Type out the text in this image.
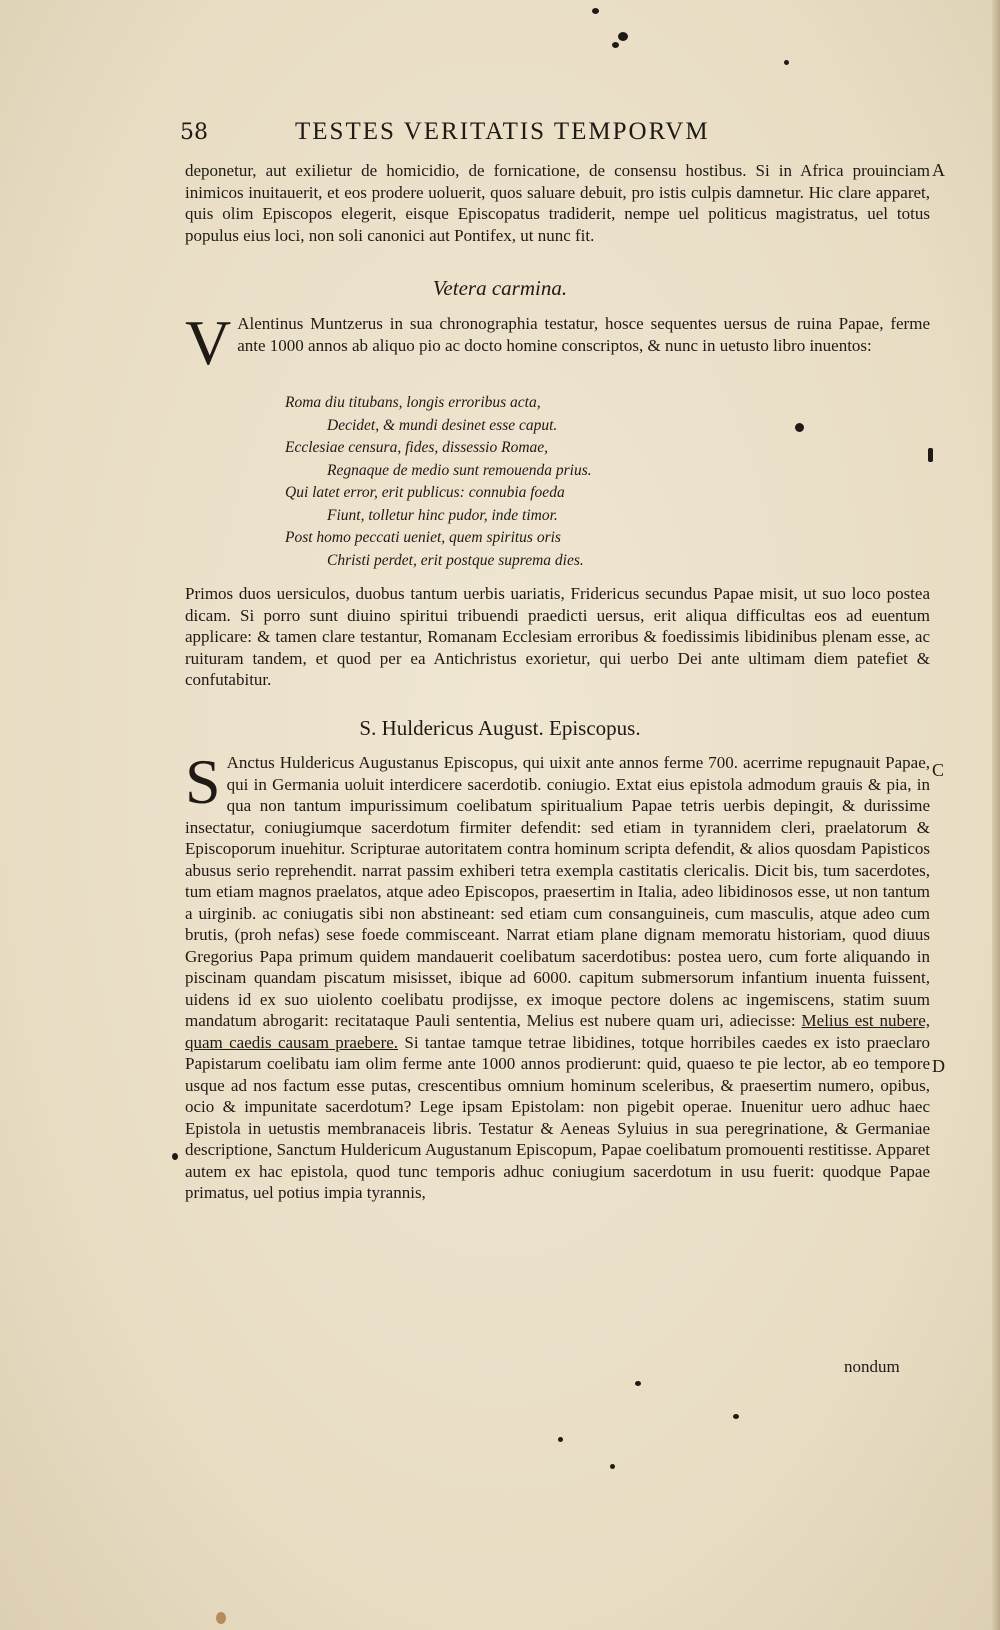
58	TESTES VERITATIS TEMPORVM
A
C
D
deponetur, aut exilietur de homicidio, de fornicatione, de consensu hostibus. Si in Africa prouinciam inimicos inuitauerit, et eos prodere uoluerit, quos saluare debuit, pro istis culpis damnetur. Hic clare apparet, quis olim Episcopos elegerit, eisque Episcopatus tradiderit, nempe uel politicus magistratus, uel totus populus eius loci, non soli canonici aut Pontifex, ut nunc fit.
Vetera carmina.
V Alentinus Muntzerus in sua chronographia testatur, hosce sequentes uersus de ruina Papae, ferme ante 1000 annos ab aliquo pio ac docto homine conscriptos, & nunc in uetusto libro inuentos:
Roma diu titubans, longis erroribus acta,
Decidet, & mundi desinet esse caput.
Ecclesiae censura, fides, dissessio Romae,
Regnaque de medio sunt remouenda prius.
Qui latet error, erit publicus: connubia foeda
Fiunt, tolletur hinc pudor, inde timor.
Post homo peccati ueniet, quem spiritus oris
Christi perdet, erit postque suprema dies.
Primos duos uersiculos, duobus tantum uerbis uariatis, Fridericus secundus Papae misit, ut suo loco postea dicam. Si porro sunt diuino spiritui tribuendi praedicti uersus, erit aliqua difficultas eos ad euentum applicare: & tamen clare testantur, Romanam Ecclesiam erroribus & foedissimis libidinibus plenam esse, ac ruituram tandem, et quod per ea Antichristus exorietur, qui uerbo Dei ante ultimam diem patefiet & confutabitur.
S. Huldericus August. Episcopus.
S Anctus Huldericus Augustanus Episcopus, qui uixit ante annos ferme 700. acerrime repugnauit Papae, qui in Germania uoluit interdicere sacerdotib. coniugio. Extat eius epistola admodum grauis & pia, in qua non tantum impurissimum coelibatum spiritualium Papae tetris uerbis depingit, & durissime insectatur, coniugiumque sacerdotum firmiter defendit: sed etiam in tyrannidem cleri, praelatorum & Episcoporum inuehitur. Scripturae autoritatem contra hominum scripta defendit, & alios quosdam Papisticos abusus serio reprehendit. narrat passim exhiberi tetra exempla castitatis clericalis. Dicit bis, tum sacerdotes, tum etiam magnos praelatos, atque adeo Episcopos, praesertim in Italia, adeo libidinosos esse, ut non tantum a uirginib. ac coniugatis sibi non abstineant: sed etiam cum consanguineis, cum masculis, atque adeo cum brutis, (proh nefas) sese foede commisceant. Narrat etiam plane dignam memoratu historiam, quod diuus Gregorius Papa primum quidem mandauerit coelibatum sacerdotibus: postea uero, cum forte aliquando in piscinam quandam piscatum misisset, ibique ad 6000. capitum submersorum infantium inuenta fuissent, uidens id ex suo uiolento coelibatu prodijsse, ex imoque pectore dolens ac ingemiscens, statim suum mandatum abrogarit: recitataque Pauli sententia, Melius est nubere quam uri, adiecisse: Melius est nubere, quam caedis causam praebere. Si tantae tamque tetrae libidines, totque horribiles caedes ex isto praeclaro Papistarum coelibatu iam olim ferme ante 1000 annos prodierunt: quid, quaeso te pie lector, ab eo tempore usque ad nos factum esse putas, crescentibus omnium hominum sceleribus, & praesertim numero, opibus, ocio & impunitate sacerdotum? Lege ipsam Epistolam: non pigebit operae. Inuenitur uero adhuc haec Epistola in uetustis membranaceis libris. Testatur & Aeneas Syluius in sua peregrinatione, & Germaniae descriptione, Sanctum Huldericum Augustanum Episcopum, Papae coelibatum promouenti restitisse. Apparet autem ex hac epistola, quod tunc temporis adhuc coniugium sacerdotum in usu fuerit: quodque Papae primatus, uel potius impia tyrannis,
nondum
